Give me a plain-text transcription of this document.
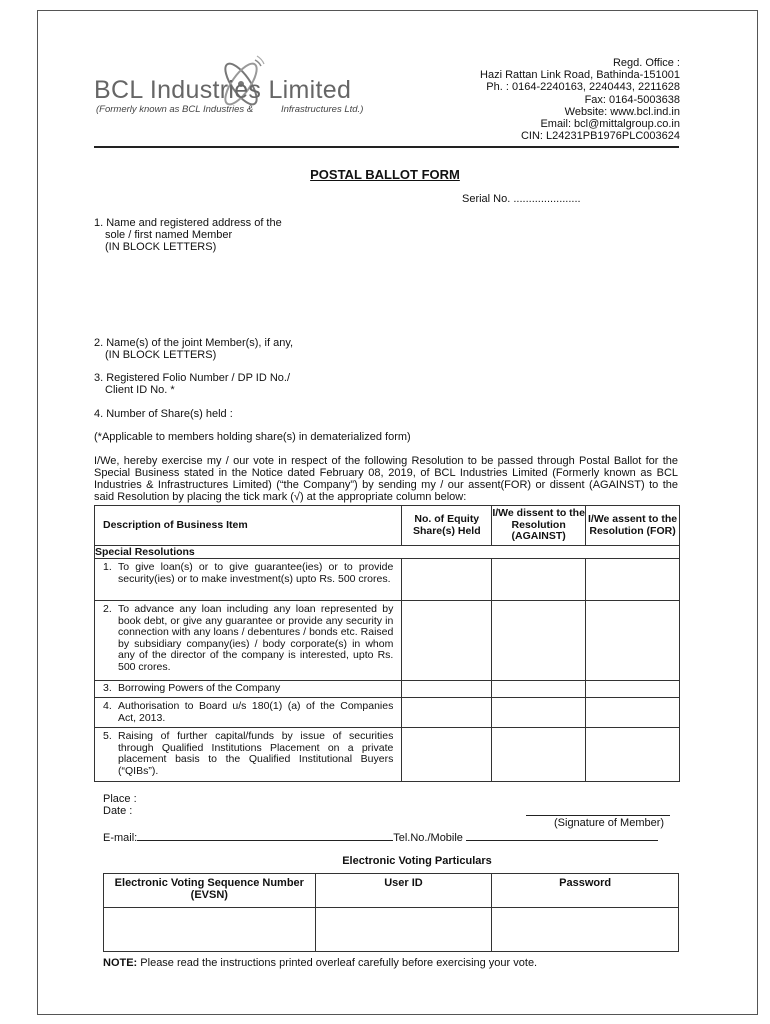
BCL Industries Limited
(Formerly known as BCL Industries &	Infrastructures Ltd.)
Regd. Office :
Hazi Rattan Link Road, Bathinda-151001
Ph. : 0164-2240163, 2240443, 2211628
Fax: 0164-5003638
Website: www.bcl.ind.in
Email: bcl@mittalgroup.co.in
CIN: L24231PB1976PLC003624
POSTAL BALLOT FORM
Serial No. ......................
1. Name and registered address of the
sole / first named Member
(IN BLOCK LETTERS)
2. Name(s) of the joint Member(s), if any,
(IN BLOCK LETTERS)
3. Registered Folio Number / DP ID No./
Client ID No. *
4. Number of Share(s) held :
(*Applicable to members holding share(s) in dematerialized form)
I/We, hereby exercise my / our vote in respect of the following Resolution to be passed through Postal Ballot for the Special Business stated in the Notice dated February 08, 2019, of BCL Industries Limited (Formerly known as BCL Industries & Infrastructures Limited) (“the Company”) by sending my / our assent(FOR) or dissent (AGAINST) to the said Resolution by placing the tick mark (√) at the appropriate column below:
Description of Business Item	No. of Equity Share(s) Held	I/We dissent to the Resolution (AGAINST)	I/We assent to the Resolution (FOR)
Special Resolutions			

1. To give loan(s) or to give guarantee(ies) or to provide security(ies) or to make investment(s) upto Rs. 500 crores.			

2. To advance any loan including any loan represented by book debt, or give any guarantee or provide any security in connection with any loans / debentures / bonds etc. Raised by subsidiary company(ies) / body corporate(s) in whom any of the director of the company is interested, upto Rs. 500 crores.			

3. Borrowing Powers of the Company			

4. Authorisation to Board u/s 180(1) (a) of the Companies Act, 2013.			

5. Raising of further capital/funds by issue of securities through Qualified Institutions Placement on a private placement basis to the Qualified Institutional Buyers (“QIBs”).			

Place :
Date :
(Signature of Member)
E-mail:	Tel.No./Mobile
Electronic Voting Particulars
Electronic Voting Sequence Number (EVSN)	User ID	Password

NOTE: Please read the instructions printed overleaf carefully before exercising your vote.
